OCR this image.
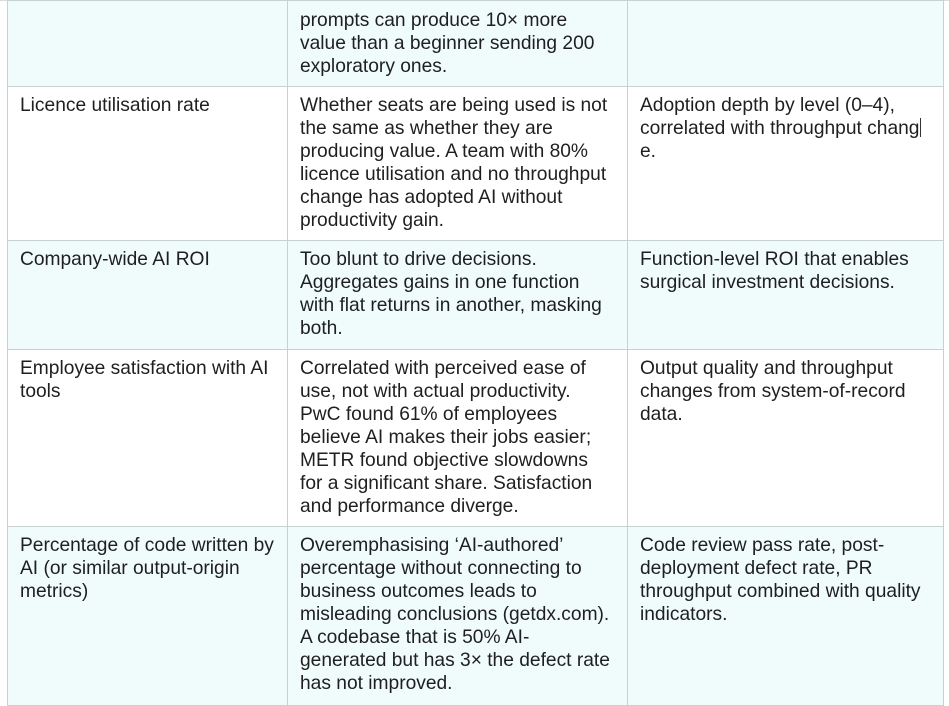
	prompts can produce 10× more value than a beginner sending 200 exploratory ones.	
Licence utilisation rate	Whether seats are being used is not the same as whether they are producing value. A team with 80% licence utilisation and no throughput change has adopted AI without productivity gain.	Adoption depth by level (0–4), correlated with throughput change.
Company-wide AI ROI	Too blunt to drive decisions. Aggregates gains in one function with flat returns in another, masking both.	Function-level ROI that enables surgical investment decisions.
Employee satisfaction with AI tools	Correlated with perceived ease of use, not with actual productivity. PwC found 61% of employees believe AI makes their jobs easier; METR found objective slowdowns for a significant share. Satisfaction and performance diverge.	Output quality and throughput changes from system-of-record data.
Percentage of code written by AI (or similar output-origin metrics)	Overemphasising ‘AI-authored’ percentage without connecting to business outcomes leads to misleading conclusions (getdx.com). A codebase that is 50% AI-generated but has 3× the defect rate has not improved.	Code review pass rate, post-deployment defect rate, PR throughput combined with quality indicators.
